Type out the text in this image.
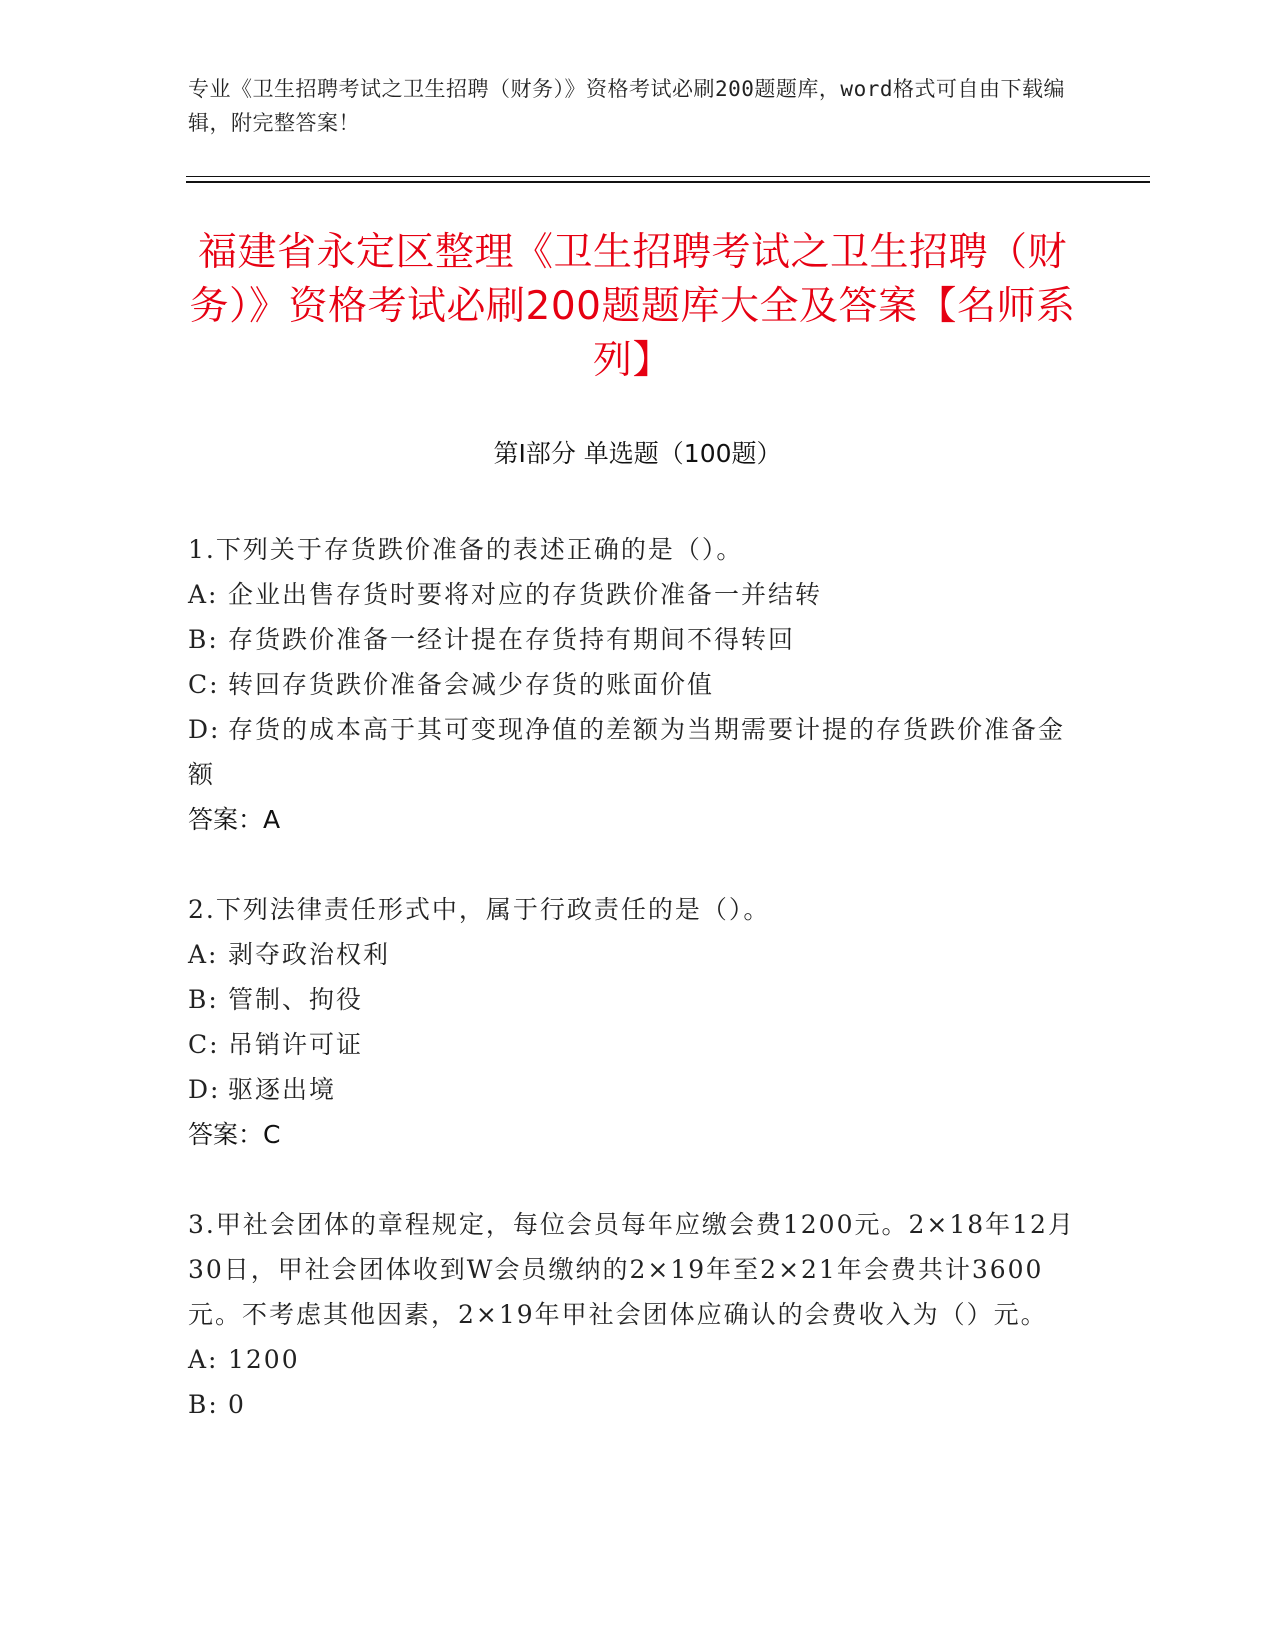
专业《卫生招聘考试之卫生招聘（财务）》资格考试必刷200题题库，word格式可自由下载编辑，附完整答案！
福建省永定区整理《卫生招聘考试之卫生招聘（财务）》资格考试必刷200题题库大全及答案【名师系列】
第Ⅰ部分 单选题（100题）
1.下列关于存货跌价准备的表述正确的是（）。
A: 企业出售存货时要将对应的存货跌价准备一并结转
B: 存货跌价准备一经计提在存货持有期间不得转回
C: 转回存货跌价准备会减少存货的账面价值
D: 存货的成本高于其可变现净值的差额为当期需要计提的存货跌价准备金额
答案：A
2.下列法律责任形式中，属于行政责任的是（）。
A: 剥夺政治权利
B: 管制、拘役
C: 吊销许可证
D: 驱逐出境
答案：C
3.甲社会团体的章程规定，每位会员每年应缴会费1200元。2×18年12月30日，甲社会团体收到W会员缴纳的2×19年至2×21年会费共计3600元。不考虑其他因素，2×19年甲社会团体应确认的会费收入为（）元。
A: 1200
B: 0
